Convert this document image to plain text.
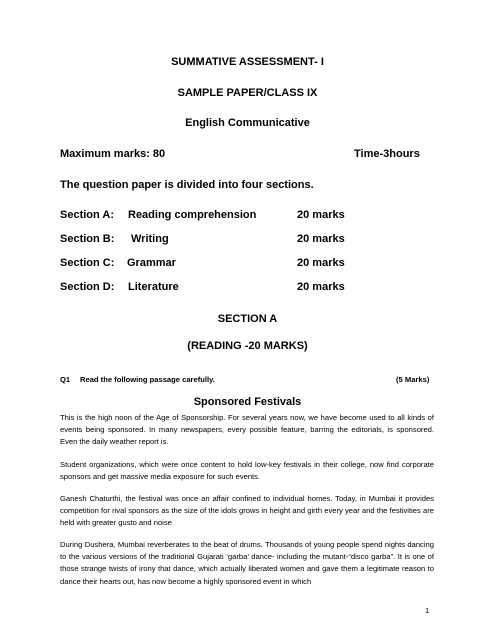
SUMMATIVE ASSESSMENT- I
SAMPLE PAPER/CLASS IX
English Communicative
Maximum marks: 80	Time-3hours
The question paper is divided into four sections.
Section A: Reading comprehension	20 marks
Section B: Writing	20 marks
Section C: Grammar	20 marks
Section D: Literature	20 marks
SECTION A
(READING -20 MARKS)
Q1 Read the following passage carefully.	(5 Marks)
Sponsored Festivals
This is the high noon of the Age of Sponsorship. For several years now, we have become used to all kinds of events being sponsored. In many newspapers, every possible feature, barring the editorials, is sponsored. Even the daily weather report is.
Student organizations, which were once content to hold low-key festivals in their college, now find corporate sponsors and get massive media exposure for such events.
Ganesh Chaturthi, the festival was once an affair confined to individual homes. Today, in Mumbai it provides competition for rival sponsors as the size of the idols grows in height and girth every year and the festivities are held with greater gusto and noise
During Dushera, Mumbai reverberates to the beat of drums. Thousands of young people spend nights dancing to the various versions of the traditional Gujarati ‘garba’ dance- including the mutant-“disco garba”. It is one of those strange twists of irony that dance, which actually liberated women and gave them a legitimate reason to dance their hearts out, has now become a highly sponsored event in which
1
